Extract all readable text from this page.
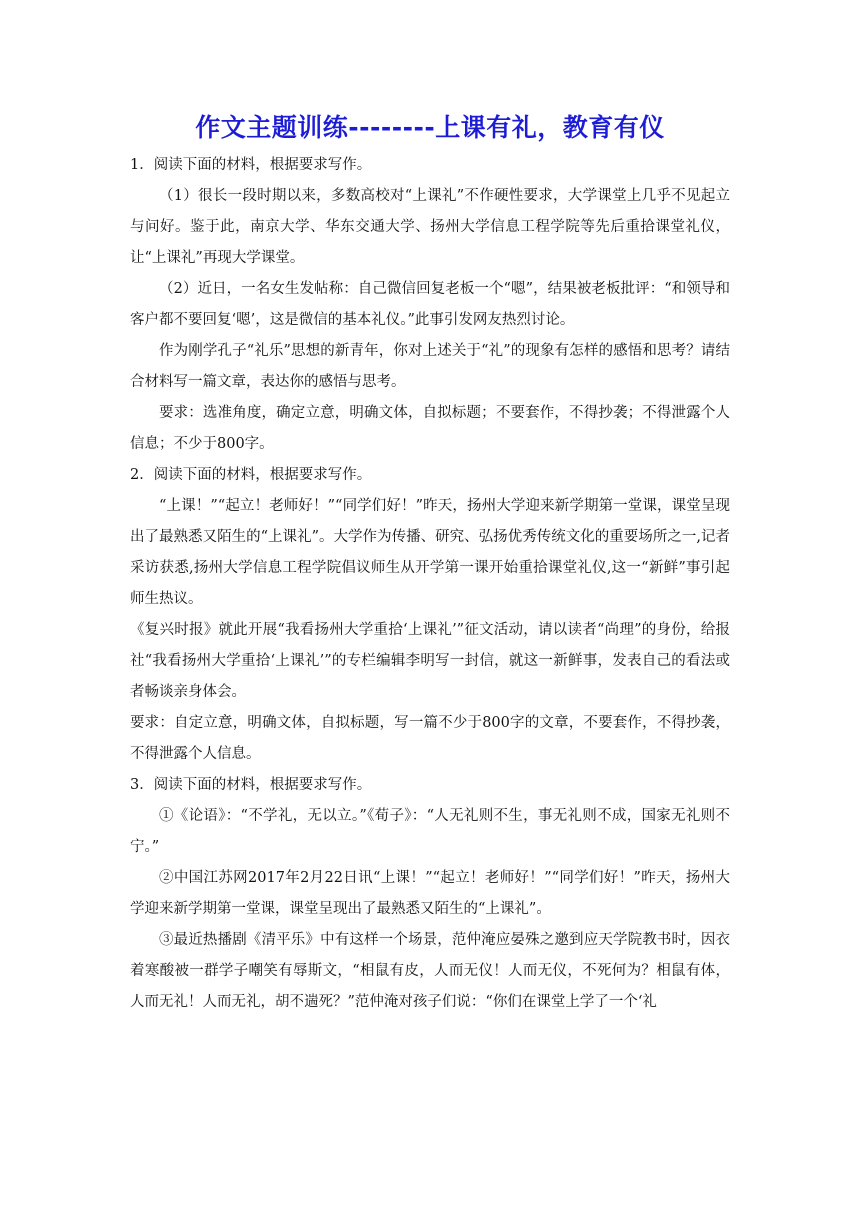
作文主题训练--------上课有礼，教育有仪

1．阅读下面的材料，根据要求写作。

（1）很长一段时期以来，多数高校对“上课礼”不作硬性要求，大学课堂上几乎不见起立与问好。鉴于此，南京大学、华东交通大学、扬州大学信息工程学院等先后重拾课堂礼仪，让“上课礼”再现大学课堂。

（2）近日，一名女生发帖称：自己微信回复老板一个“嗯”，结果被老板批评：“和领导和客户都不要回复‘嗯’，这是微信的基本礼仪。”此事引发网友热烈讨论。

作为刚学孔子“礼乐”思想的新青年，你对上述关于“礼”的现象有怎样的感悟和思考？请结合材料写一篇文章，表达你的感悟与思考。

要求：选准角度，确定立意，明确文体，自拟标题；不要套作，不得抄袭；不得泄露个人信息；不少于800字。

2．阅读下面的材料，根据要求写作。

“上课！”“起立！老师好！”“同学们好！”昨天，扬州大学迎来新学期第一堂课，课堂呈现出了最熟悉又陌生的“上课礼”。大学作为传播、研究、弘扬优秀传统文化的重要场所之一,记者采访获悉,扬州大学信息工程学院倡议师生从开学第一课开始重拾课堂礼仪,这一“新鲜”事引起师生热议。

《复兴时报》就此开展“我看扬州大学重拾‘上课礼’”征文活动，请以读者“尚理”的身份，给报社“我看扬州大学重拾‘上课礼’”的专栏编辑李明写一封信，就这一新鲜事，发表自己的看法或者畅谈亲身体会。

要求：自定立意，明确文体，自拟标题，写一篇不少于800字的文章，不要套作，不得抄袭，不得泄露个人信息。

3．阅读下面的材料，根据要求写作。

①《论语》：“不学礼，无以立。”《荀子》：“人无礼则不生，事无礼则不成，国家无礼则不宁。”

②中国江苏网2017年2月22日讯“上课！”“起立！老师好！”“同学们好！”昨天，扬州大学迎来新学期第一堂课，课堂呈现出了最熟悉又陌生的“上课礼”。

③最近热播剧《清平乐》中有这样一个场景，范仲淹应晏殊之邀到应天学院教书时，因衣着寒酸被一群学子嘲笑有辱斯文，“相鼠有皮，人而无仪！人而无仪，不死何为？相鼠有体，人而无礼！人而无礼，胡不遄死？”范仲淹对孩子们说：“你们在课堂上学了一个‘礼
